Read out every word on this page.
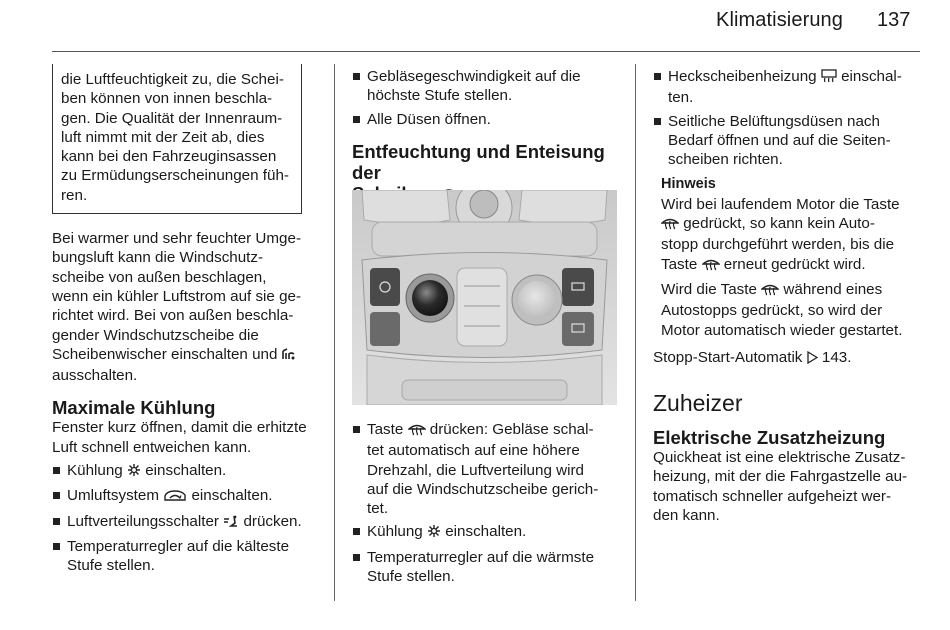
Klimatisierung 137

die Luftfeuchtigkeit zu, die Schei-
ben können von innen beschla-
gen. Die Qualität der Innenraum-
luft nimmt mit der Zeit ab, dies
kann bei den Fahrzeuginsassen
zu Ermüdungserscheinungen füh-
ren.

Bei warmer und sehr feuchter Umge-
bungsluft kann die Windschutz-
scheibe von außen beschlagen,
wenn ein kühler Luftstrom auf sie ge-
richtet wird. Bei von außen beschla-
gender Windschutzscheibe die
Scheibenwischer einschalten und
ausschalten.

Maximale Kühlung

Fenster kurz öffnen, damit die erhitzte
Luft schnell entweichen kann.

Kühlung einschalten.

Umluftsystem einschalten.

Luftverteilungsschalter drücken.

Temperaturregler auf die kälteste
Stufe stellen.

Gebläsegeschwindigkeit auf die
höchste Stufe stellen.

Alle Düsen öffnen.

Entfeuchtung und Enteisung der

Taste drücken: Gebläse schal-
tet automatisch auf eine höhere
Drehzahl, die Luftverteilung wird
auf die Windschutzscheibe gerich-
tet.

Kühlung einschalten.

Temperaturregler auf die wärmste
Stufe stellen.

Heckscheibenheizung einschal-
ten.

Seitliche Belüftungsdüsen nach
Bedarf öffnen und auf die Seiten-
scheiben richten.

Hinweis

Wird bei laufendem Motor die Taste
gedrückt, so kann kein Auto-
stopp durchgeführt werden, bis die
Taste erneut gedrückt wird.

Wird die Taste während eines
Autostopps gedrückt, so wird der
Motor automatisch wieder gestartet.

Stopp-Start-Automatik 143.

Zuheizer

Elektrische Zusatzheizung

Quickheat ist eine elektrische Zusatz-
heizung, mit der die Fahrgastzelle au-
tomatisch schneller aufgeheizt wer-
den kann.
